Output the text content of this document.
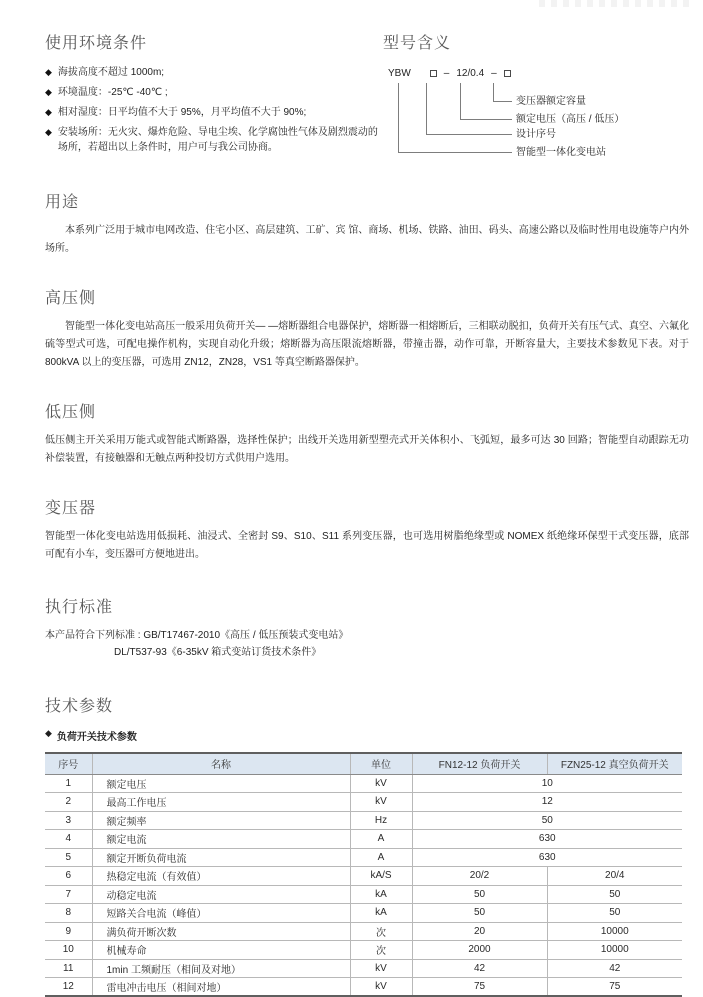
使用环境条件
◆ 海拔高度不超过 1000m;
◆ 环境温度：-25℃ -40℃ ;
◆ 相对湿度：日平均值不大于 95%，月平均值不大于 90%;
◆ 安装场所：无火灾、爆炸危险、导电尘埃、化学腐蚀性气体及剧烈震动的场所，若超出以上条件时，用户可与我公司协商。
型号含义
YBW	– 12/0.4 –
变压器额定容量
额定电压（高压 / 低压）
设计序号
智能型一体化变电站
用途

本系列广泛用于城市电网改造、住宅小区、高层建筑、工矿、宾 馆、商场、机场、铁路、油田、码头、高速公路以及临时性用电设施等户内外场所。

高压侧

智能型一体化变电站高压一般采用负荷开关— —熔断器组合电器保护，熔断器一相熔断后，三相联动脱扣，负荷开关有压气式、真空、六氟化硫等型式可选，可配电操作机构，实现自动化升级；熔断器为高压限流熔断器，带撞击器，动作可靠，开断容量大，主要技术参数见下表。对于 800kVA 以上的变压器，可选用 ZN12，ZN28，VS1 等真空断路器保护。

低压侧

低压侧主开关采用万能式或智能式断路器，选择性保护；出线开关选用新型塑壳式开关体积小、飞弧短，最多可达 30 回路；智能型自动跟踪无功补偿装置，有接触器和无触点两种投切方式供用户选用。

变压器

智能型一体化变电站选用低损耗、油浸式、全密封 S9、S10、S11 系列变压器，也可选用树脂绝缘型或 NOMEX 纸绝缘环保型干式变压器，底部可配有小车，变压器可方便地进出。

执行标准
本产品符合下列标准 : GB/T17467-2010《高压 / 低压预装式变电站》
DL/T537-93《6-35kV 箱式变站订货技术条件》
技术参数
◆ 负荷开关技术参数
序号	名称	单位	FN12-12 负荷开关	FZN25-12 真空负荷开关
1	额定电压	kV	10	
2	最高工作电压	kV	12	
3	额定频率	Hz	50	
4	额定电流	A	630	
5	额定开断负荷电流	A	630	
6	热稳定电流（有效值）	kA/S	20/2	20/4
7	动稳定电流	kA	50	50
8	短路关合电流（峰值）	kA	50	50
9	满负荷开断次数	次	20	10000
10	机械寿命	次	2000	10000
11	1min 工频耐压（相间及对地）	kV	42	42
12	雷电冲击电压（相间对地）	kV	75	75
